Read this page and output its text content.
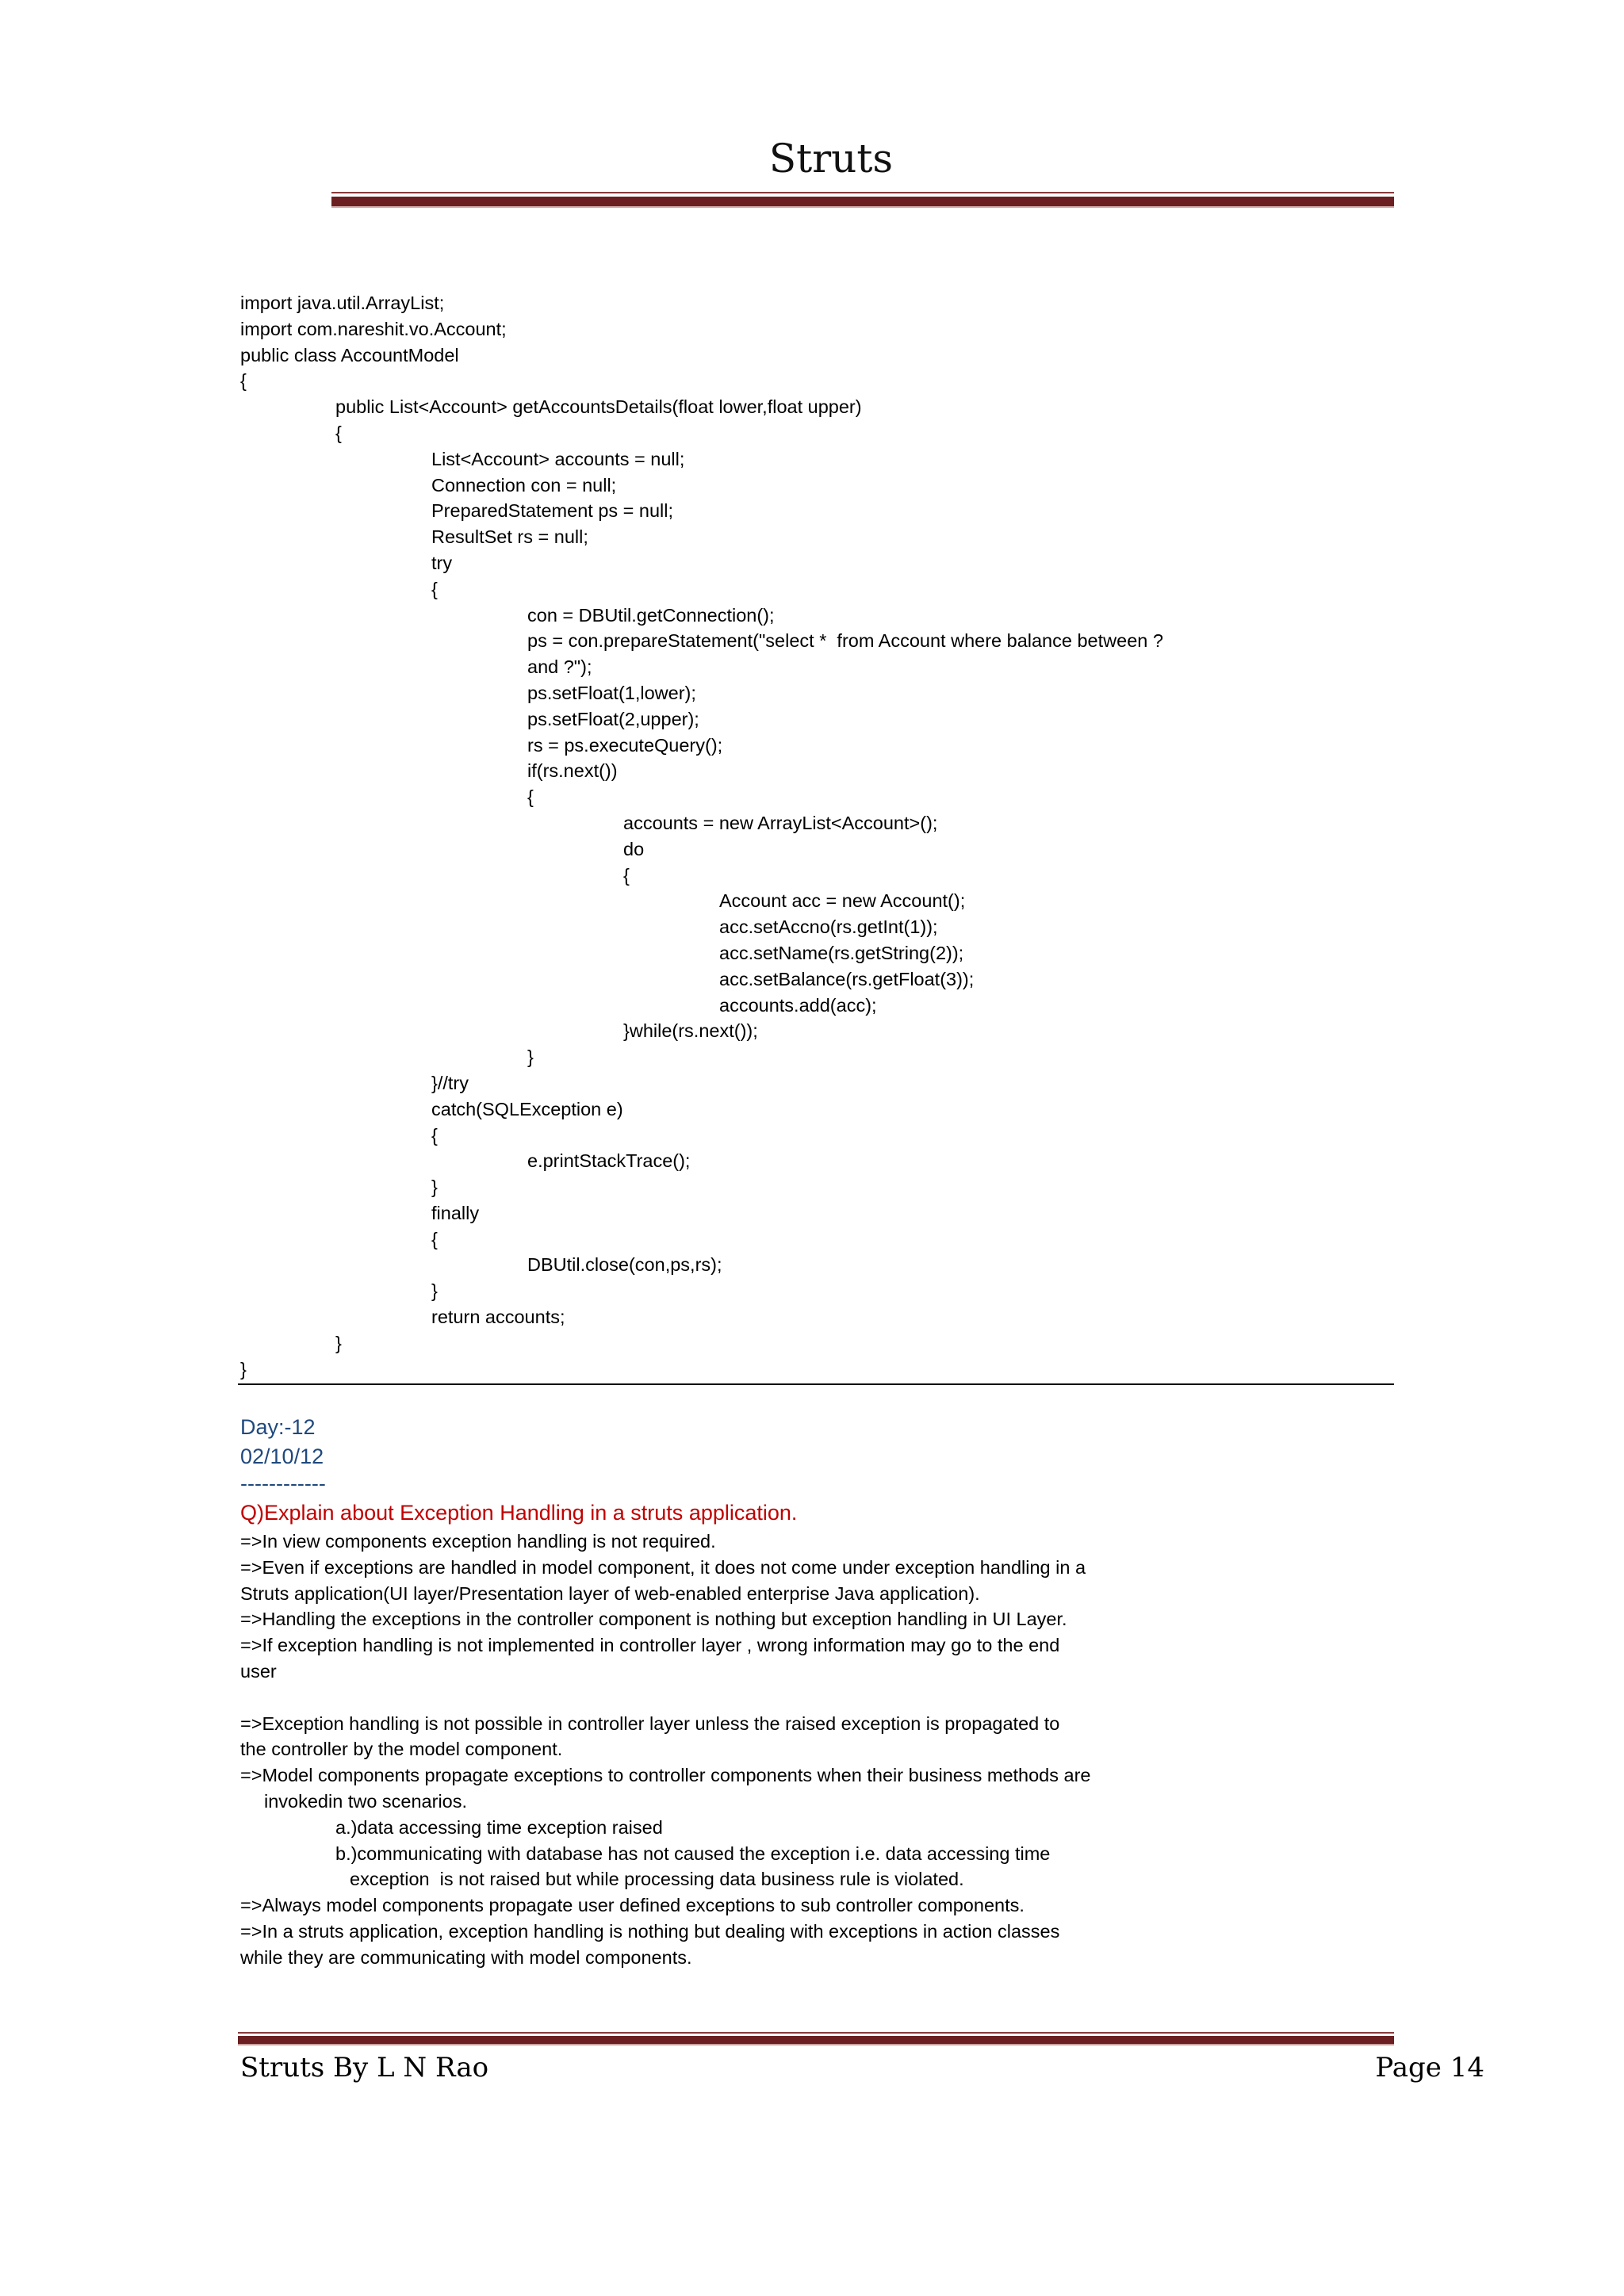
Struts
import java.util.ArrayList;
import com.nareshit.vo.Account;
public class AccountModel
{
public List<Account> getAccountsDetails(float lower,float upper)
{
List<Account> accounts = null;
Connection con = null;
PreparedStatement ps = null;
ResultSet rs = null;
try
{
con = DBUtil.getConnection();
ps = con.prepareStatement("select *  from Account where balance between ?
and ?");
ps.setFloat(1,lower);
ps.setFloat(2,upper);
rs = ps.executeQuery();
if(rs.next())
{
accounts = new ArrayList<Account>();
do
{
Account acc = new Account();
acc.setAccno(rs.getInt(1));
acc.setName(rs.getString(2));
acc.setBalance(rs.getFloat(3));
accounts.add(acc);
}while(rs.next());
}
}//try
catch(SQLException e)
{
e.printStackTrace();
}
finally
{
DBUtil.close(con,ps,rs);
}
return accounts;
}
}
Day:-12
02/10/12
------------
Q)Explain about Exception Handling in a struts application.
=>In view components exception handling is not required.
=>Even if exceptions are handled in model component, it does not come under exception handling in a
Struts application(UI layer/Presentation layer of web-enabled enterprise Java application).
=>Handling the exceptions in the controller component is nothing but exception handling in UI Layer.
=>If exception handling is not implemented in controller layer , wrong information may go to the end
user
=>Exception handling is not possible in controller layer unless the raised exception is propagated to
the controller by the model component.
=>Model components propagate exceptions to controller components when their business methods are
invokedin two scenarios.
a.)data accessing time exception raised
b.)communicating with database has not caused the exception i.e. data accessing time
exception  is not raised but while processing data business rule is violated.
=>Always model components propagate user defined exceptions to sub controller components.
=>In a struts application, exception handling is nothing but dealing with exceptions in action classes
while they are communicating with model components.
Struts By L N Rao	Page 14
